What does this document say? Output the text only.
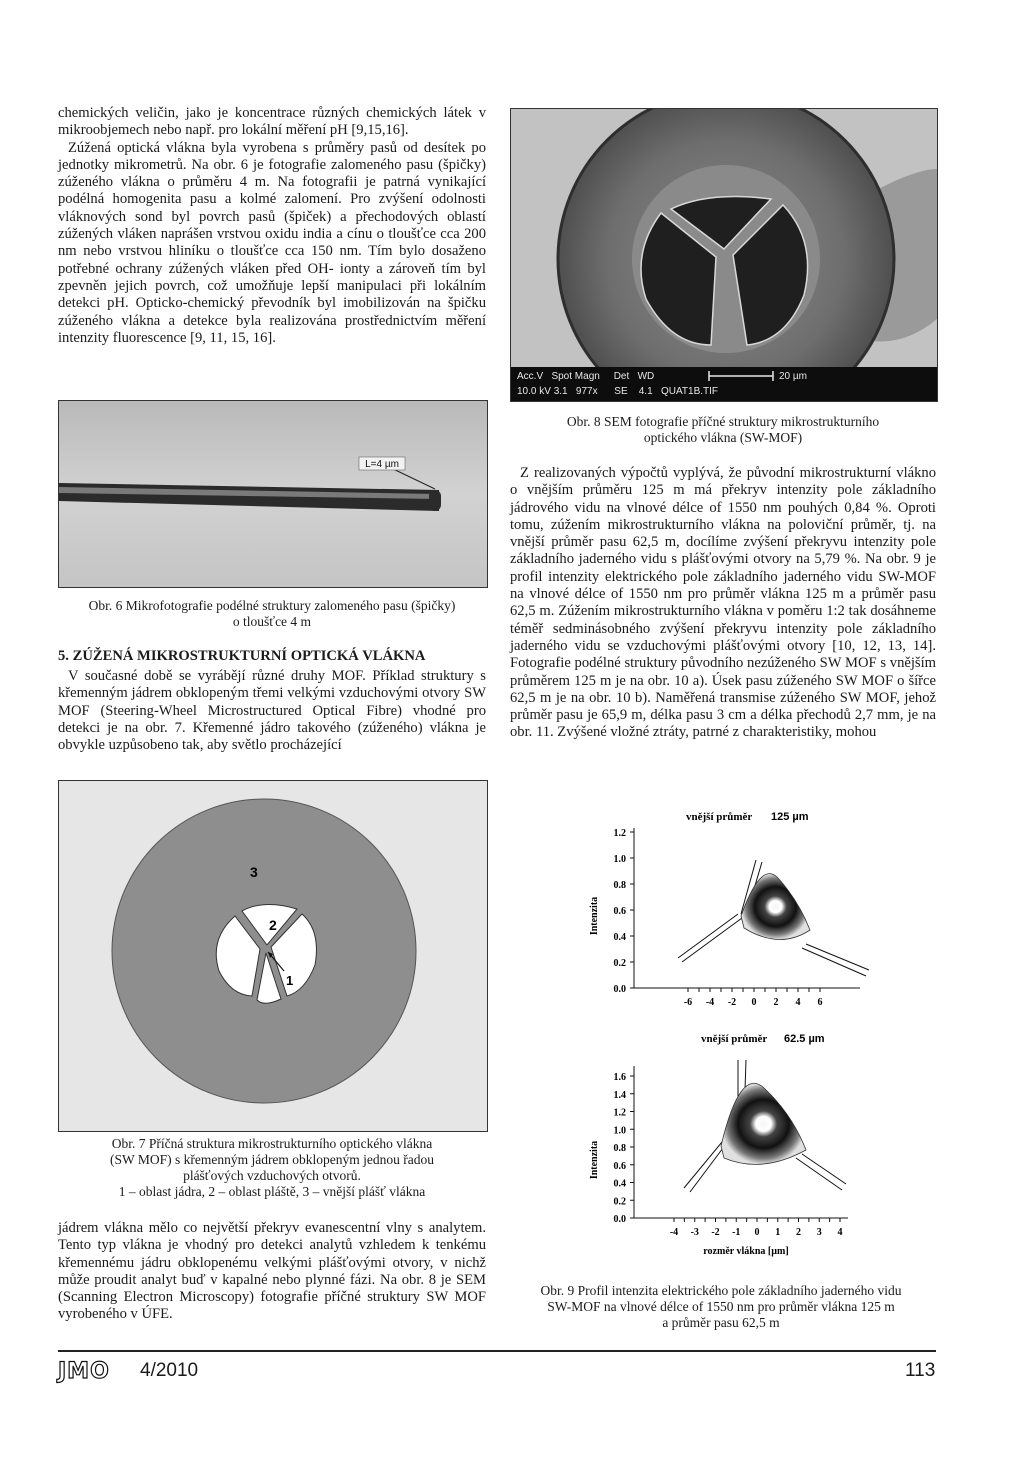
chemických veličin, jako je koncentrace různých chemických látek v mikroobjemech nebo např. pro lokální měření pH [9,15,16].

Zúžená optická vlákna byla vyrobena s průměry pasů od desítek po jednotky mikrometrů. Na obr. 6 je fotografie zalomeného pasu (špičky) zúženého vlákna o průměru 4 m. Na fotografii je patrná vynikající podélná homogenita pasu a kolmé zalomení. Pro zvýšení odolnosti vláknových sond byl povrch pasů (špiček) a přechodových oblastí zúžených vláken naprášen vrstvou oxidu india a cínu o tloušťce cca 200 nm nebo vrstvou hliníku o tloušťce cca 150 nm. Tím bylo dosaženo potřebné ochrany zúžených vláken před OH- ionty a zároveň tím byl zpevněn jejich povrch, což umožňuje lepší manipulaci při lokálním detekci pH. Opticko-chemický převodník byl imobilizován na špičku zúženého vlákna a detekce byla realizována prostřednictvím měření intenzity fluorescence [9, 11, 15, 16].

L=4 µm
Obr. 6 Mikrofotografie podélné struktury zalomeného pasu (špičky)
o tloušťce 4 m
5. ZÚŽENÁ MIKROSTRUKTURNÍ OPTICKÁ VLÁKNA

V současné době se vyrábějí různé druhy MOF. Příklad struktury s křemenným jádrem obklopeným třemi velkými vzduchovými otvory SW MOF (Steering-Wheel Microstructured Optical Fibre) vhodné pro detekci je na obr. 7. Křemenné jádro takového (zúženého) vlákna je obvykle uzpůsobeno tak, aby světlo procházející

3
2
1
Obr. 7 Příčná struktura mikrostrukturního optického vlákna
(SW MOF) s křemenným jádrem obklopeným jednou řadou
plášťových vzduchových otvorů.
1 – oblast jádra, 2 – oblast pláště, 3 – vnější plášť vlákna

jádrem vlákna mělo co největší překryv evanescentní vlny s analytem. Tento typ vlákna je vhodný pro detekci analytů vzhledem k tenkému křemennému jádru obklopenému velkými plášťovými otvory, v nichž může proudit analyt buď v kapalné nebo plynné fázi. Na obr. 8 je SEM (Scanning Electron Microscopy) fotografie příčné struktury SW MOF vyrobeného v ÚFE.

Acc.V   Spot Magn     Det   WD
10.0 kV 3.1   977x      SE    4.1   QUAT1B.TIF
20 µm
Obr. 8 SEM fotografie příčné struktury mikrostrukturního
optického vlákna (SW-MOF)

Z realizovaných výpočtů vyplývá, že původní mikrostrukturní vlákno o vnějším průměru 125 m má překryv intenzity pole základního jádrového vidu na vlnové délce of 1550 nm pouhých 0,84 %. Oproti tomu, zúžením mikrostrukturního vlákna na poloviční průměr, tj. na vnější průměr pasu 62,5 m, docílíme zvýšení překryvu intenzity pole základního jaderného vidu s plášťovými otvory na 5,79 %. Na obr. 9 je profil intenzity elektrického pole základního jaderného vidu SW-MOF na vlnové délce of 1550 nm pro průměr vlákna 125 m a průměr pasu 62,5 m. Zúžením mikrostrukturního vlákna v poměru 1:2 tak dosáhneme téměř sedminásobného zvýšení překryvu intenzity pole základního jaderného vidu se vzduchovými plášťovými otvory [10, 12, 13, 14]. Fotografie podélné struktury původního nezúženého SW MOF s vnějším průměrem 125 m je na obr. 10 a). Úsek pasu zúženého SW MOF o šířce 62,5 m je na obr. 10 b). Naměřená transmise zúženého SW MOF, jehož průměr pasu je 65,9 m, délka pasu 3 cm a délka přechodů 2,7 mm, je na obr. 11. Zvýšené vložné ztráty, patrné z charakteristiky, mohou

vnější průměr 125 µm
Intenzita
1.2
1.0
0.8
0.6
0.4
0.2
0.0
-6 -4 -2 0 2 4 6
vnější průměr 62.5 µm
Intenzita
1.6
1.4
1.2
1.0
0.8
0.6
0.4
0.2
0.0
-4 -3 -2 -1 0 1 2 3 4
rozměr vlákna [µm]
Obr. 9 Profil intenzita elektrického pole základního jaderného vidu
SW-MOF na vlnové délce of 1550 nm pro průměr vlákna 125 m
a průměr pasu 62,5 m
JMO 4/2010	113
